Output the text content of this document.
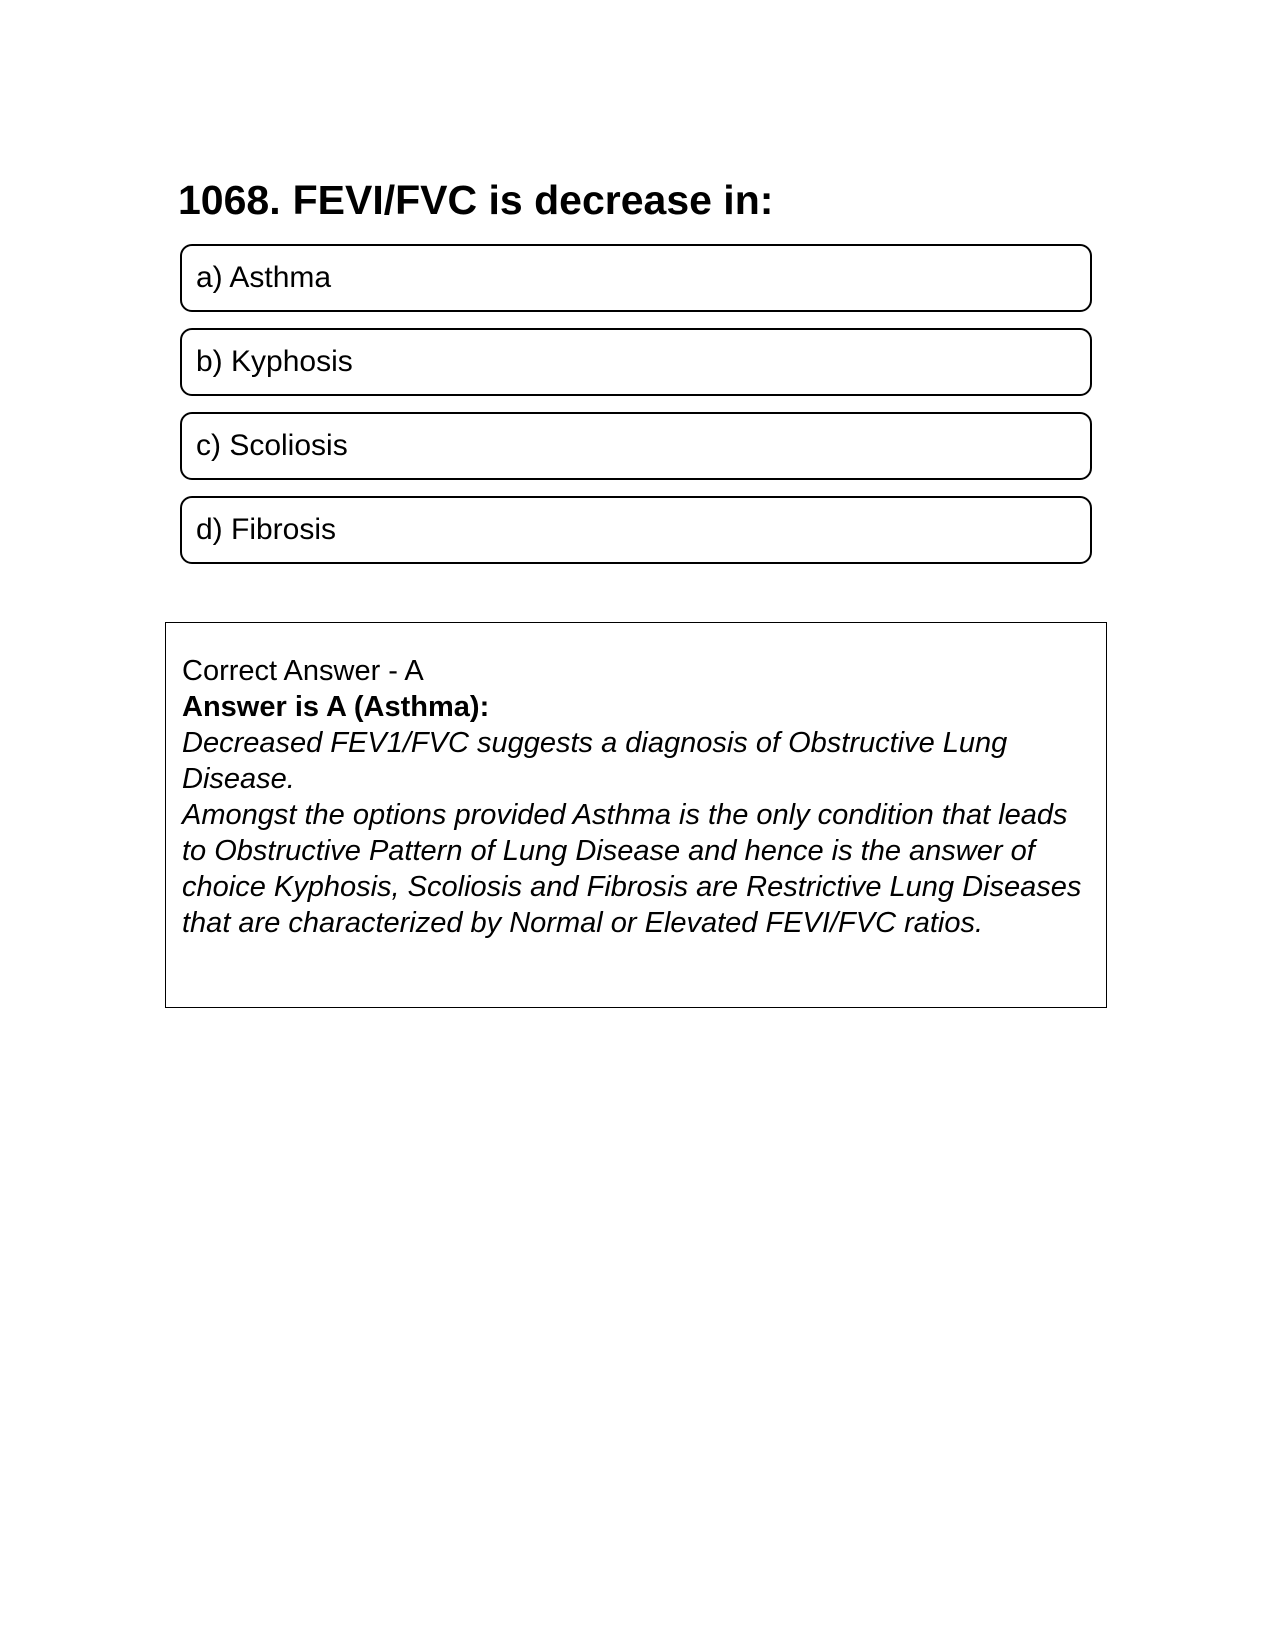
1068. FEVI/FVC is decrease in:
a) Asthma
b) Kyphosis
c) Scoliosis
d) Fibrosis

Correct Answer - A

Answer is A (Asthma):

Decreased FEV1/FVC suggests a diagnosis of Obstructive Lung Disease.

Amongst the options provided Asthma is the only condition that leads to Obstructive Pattern of Lung Disease and hence is the answer of choice Kyphosis, Scoliosis and Fibrosis are Restrictive Lung Diseases that are characterized by Normal or Elevated FEVI/FVC ratios.
